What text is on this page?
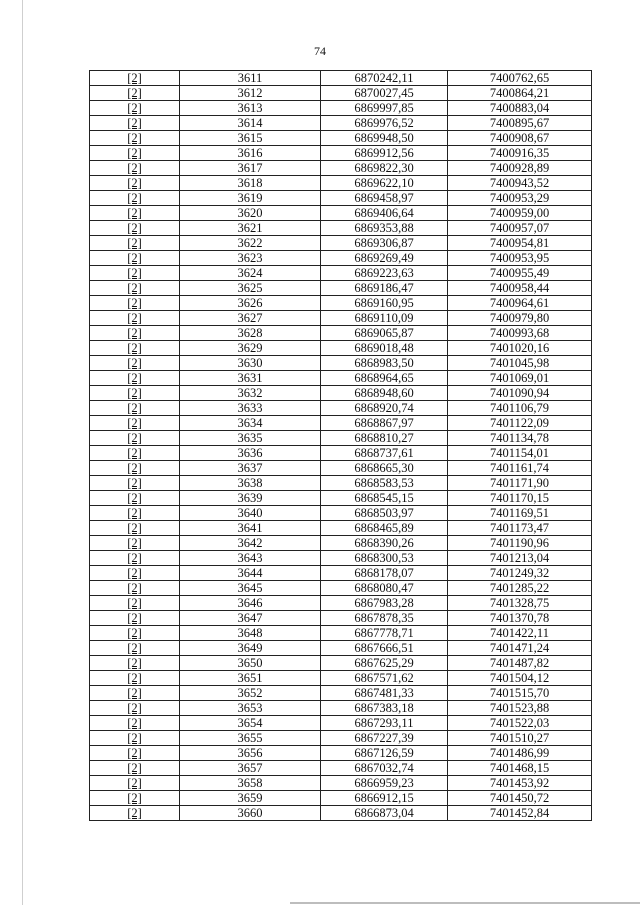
74
[2]	3611	6870242,11	7400762,65
[2]	3612	6870027,45	7400864,21
[2]	3613	6869997,85	7400883,04
[2]	3614	6869976,52	7400895,67
[2]	3615	6869948,50	7400908,67
[2]	3616	6869912,56	7400916,35
[2]	3617	6869822,30	7400928,89
[2]	3618	6869622,10	7400943,52
[2]	3619	6869458,97	7400953,29
[2]	3620	6869406,64	7400959,00
[2]	3621	6869353,88	7400957,07
[2]	3622	6869306,87	7400954,81
[2]	3623	6869269,49	7400953,95
[2]	3624	6869223,63	7400955,49
[2]	3625	6869186,47	7400958,44
[2]	3626	6869160,95	7400964,61
[2]	3627	6869110,09	7400979,80
[2]	3628	6869065,87	7400993,68
[2]	3629	6869018,48	7401020,16
[2]	3630	6868983,50	7401045,98
[2]	3631	6868964,65	7401069,01
[2]	3632	6868948,60	7401090,94
[2]	3633	6868920,74	7401106,79
[2]	3634	6868867,97	7401122,09
[2]	3635	6868810,27	7401134,78
[2]	3636	6868737,61	7401154,01
[2]	3637	6868665,30	7401161,74
[2]	3638	6868583,53	7401171,90
[2]	3639	6868545,15	7401170,15
[2]	3640	6868503,97	7401169,51
[2]	3641	6868465,89	7401173,47
[2]	3642	6868390,26	7401190,96
[2]	3643	6868300,53	7401213,04
[2]	3644	6868178,07	7401249,32
[2]	3645	6868080,47	7401285,22
[2]	3646	6867983,28	7401328,75
[2]	3647	6867878,35	7401370,78
[2]	3648	6867778,71	7401422,11
[2]	3649	6867666,51	7401471,24
[2]	3650	6867625,29	7401487,82
[2]	3651	6867571,62	7401504,12
[2]	3652	6867481,33	7401515,70
[2]	3653	6867383,18	7401523,88
[2]	3654	6867293,11	7401522,03
[2]	3655	6867227,39	7401510,27
[2]	3656	6867126,59	7401486,99
[2]	3657	6867032,74	7401468,15
[2]	3658	6866959,23	7401453,92
[2]	3659	6866912,15	7401450,72
[2]	3660	6866873,04	7401452,84
